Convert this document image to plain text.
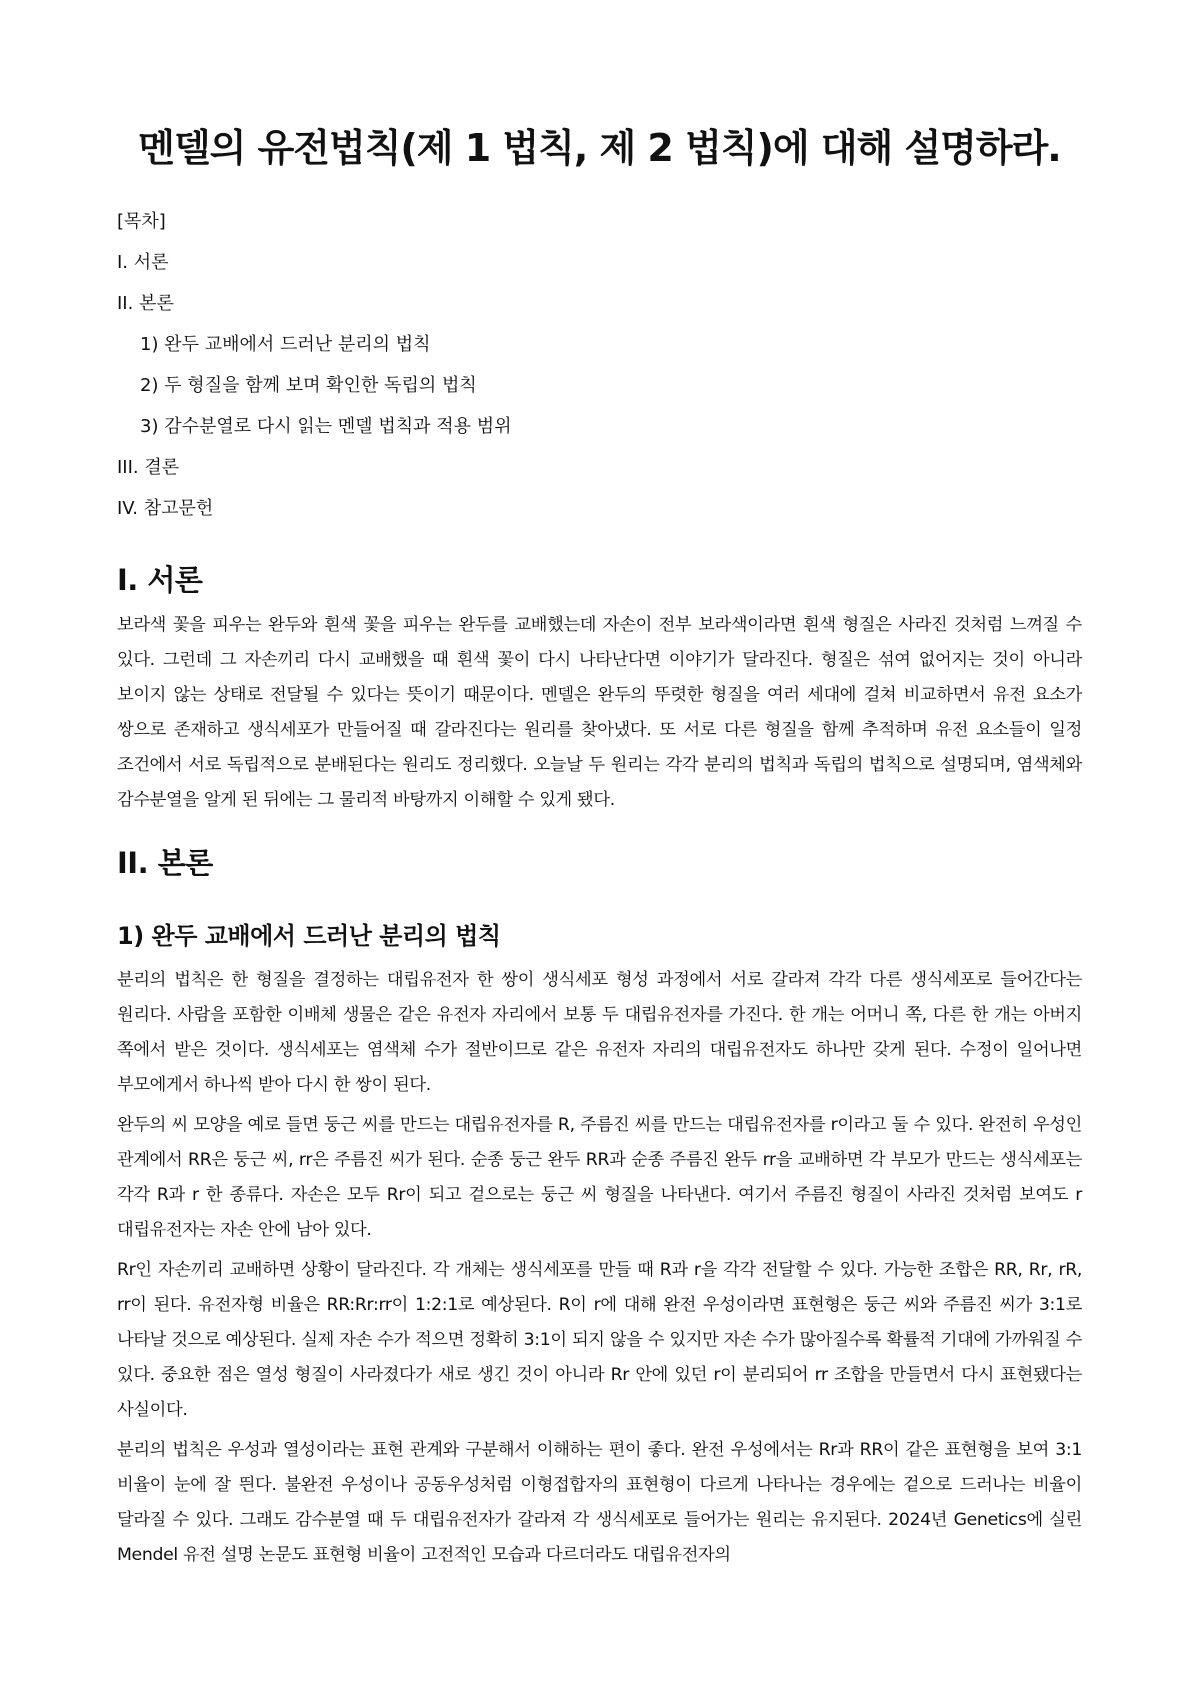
멘델의 유전법칙(제 1 법칙, 제 2 법칙)에 대해 설명하라.
[목차]
I. 서론
II. 본론
1) 완두 교배에서 드러난 분리의 법칙
2) 두 형질을 함께 보며 확인한 독립의 법칙
3) 감수분열로 다시 읽는 멘델 법칙과 적용 범위
III. 결론
IV. 참고문헌
I. 서론

보라색 꽃을 피우는 완두와 흰색 꽃을 피우는 완두를 교배했는데 자손이 전부 보라색이라면 흰색 형질은 사라진 것처럼 느껴질 수 있다. 그런데 그 자손끼리 다시 교배했을 때 흰색 꽃이 다시 나타난다면 이야기가 달라진다. 형질은 섞여 없어지는 것이 아니라 보이지 않는 상태로 전달될 수 있다는 뜻이기 때문이다. 멘델은 완두의 뚜렷한 형질을 여러 세대에 걸쳐 비교하면서 유전 요소가 쌍으로 존재하고 생식세포가 만들어질 때 갈라진다는 원리를 찾아냈다. 또 서로 다른 형질을 함께 추적하며 유전 요소들이 일정 조건에서 서로 독립적으로 분배된다는 원리도 정리했다. 오늘날 두 원리는 각각 분리의 법칙과 독립의 법칙으로 설명되며, 염색체와 감수분열을 알게 된 뒤에는 그 물리적 바탕까지 이해할 수 있게 됐다.

II. 본론
1) 완두 교배에서 드러난 분리의 법칙

분리의 법칙은 한 형질을 결정하는 대립유전자 한 쌍이 생식세포 형성 과정에서 서로 갈라져 각각 다른 생식세포로 들어간다는 원리다. 사람을 포함한 이배체 생물은 같은 유전자 자리에서 보통 두 대립유전자를 가진다. 한 개는 어머니 쪽, 다른 한 개는 아버지 쪽에서 받은 것이다. 생식세포는 염색체 수가 절반이므로 같은 유전자 자리의 대립유전자도 하나만 갖게 된다. 수정이 일어나면 부모에게서 하나씩 받아 다시 한 쌍이 된다.

완두의 씨 모양을 예로 들면 둥근 씨를 만드는 대립유전자를 R, 주름진 씨를 만드는 대립유전자를 r이라고 둘 수 있다. 완전히 우성인 관계에서 RR은 둥근 씨, rr은 주름진 씨가 된다. 순종 둥근 완두 RR과 순종 주름진 완두 rr을 교배하면 각 부모가 만드는 생식세포는 각각 R과 r 한 종류다. 자손은 모두 Rr이 되고 겉으로는 둥근 씨 형질을 나타낸다. 여기서 주름진 형질이 사라진 것처럼 보여도 r 대립유전자는 자손 안에 남아 있다.

Rr인 자손끼리 교배하면 상황이 달라진다. 각 개체는 생식세포를 만들 때 R과 r을 각각 전달할 수 있다. 가능한 조합은 RR, Rr, rR, rr이 된다. 유전자형 비율은 RR:Rr:rr이 1:2:1로 예상된다. R이 r에 대해 완전 우성이라면 표현형은 둥근 씨와 주름진 씨가 3:1로 나타날 것으로 예상된다. 실제 자손 수가 적으면 정확히 3:1이 되지 않을 수 있지만 자손 수가 많아질수록 확률적 기대에 가까워질 수 있다. 중요한 점은 열성 형질이 사라졌다가 새로 생긴 것이 아니라 Rr 안에 있던 r이 분리되어 rr 조합을 만들면서 다시 표현됐다는 사실이다.

분리의 법칙은 우성과 열성이라는 표현 관계와 구분해서 이해하는 편이 좋다. 완전 우성에서는 Rr과 RR이 같은 표현형을 보여 3:1 비율이 눈에 잘 띈다. 불완전 우성이나 공동우성처럼 이형접합자의 표현형이 다르게 나타나는 경우에는 겉으로 드러나는 비율이 달라질 수 있다. 그래도 감수분열 때 두 대립유전자가 갈라져 각 생식세포로 들어가는 원리는 유지된다. 2024년 Genetics에 실린 Mendel 유전 설명 논문도 표현형 비율이 고전적인 모습과 다르더라도 대립유전자의
